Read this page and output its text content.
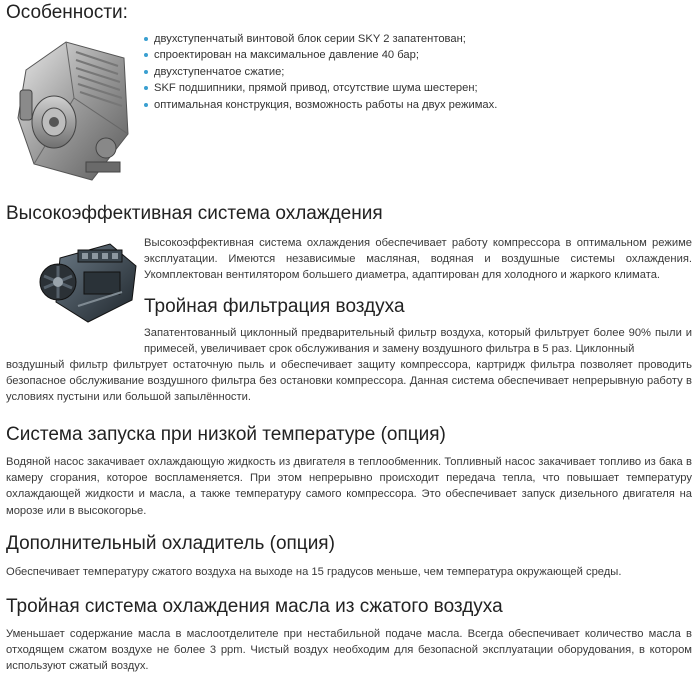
Особенности:
двухступенчатый винтовой блок серии SKY 2 запатентован;
спроектирован на максимальное давление 40 бар;
двухступенчатое сжатие;
SKF подшипники, прямой привод, отсутствие шума шестерен;
оптимальная конструкция, возможность работы на двух режимах.
Высокоэффективная система охлаждения

Высокоэффективная система охлаждения обеспечивает работу компрессора в оптимальном режиме эксплуатации. Имеются независимые масляная, водяная и воздушные системы охлаждения. Укомплектован вентилятором большего диаметра, адаптирован для холодного и жаркого климата.

Тройная фильтрация воздуха

Запатентованный циклонный предварительный фильтр воздуха, который фильтрует более 90% пыли и примесей, увеличивает срок обслуживания и замену воздушного фильтра в 5 раз. Циклонный

воздушный фильтр фильтрует остаточную пыль и обеспечивает защиту компрессора, картридж фильтра позволяет проводить безопасное обслуживание воздушного фильтра без остановки компрессора. Данная система обеспечивает непрерывную работу в условиях пустыни или большой запылённости.

Система запуска при низкой температуре (опция)

Водяной насос закачивает охлаждающую жидкость из двигателя в теплообменник. Топливный насос закачивает топливо из бака в камеру сгорания, которое воспламеняется. При этом непрерывно происходит передача тепла, что повышает температуру охлаждающей жидкости и масла, а также температуру самого компрессора. Это обеспечивает запуск дизельного двигателя на морозе или в высокогорье.

Дополнительный охладитель (опция)

Обеспечивает температуру сжатого воздуха на выходе на 15 градусов меньше, чем температура окружающей среды.

Тройная система охлаждения масла из сжатого воздуха

Уменьшает содержание масла в маслоотделителе при нестабильной подаче масла. Всегда обеспечивает количество масла в отходящем сжатом воздухе не более 3 ppm. Чистый воздух необходим для безопасной эксплуатации оборудования, в котором используют сжатый воздух.
